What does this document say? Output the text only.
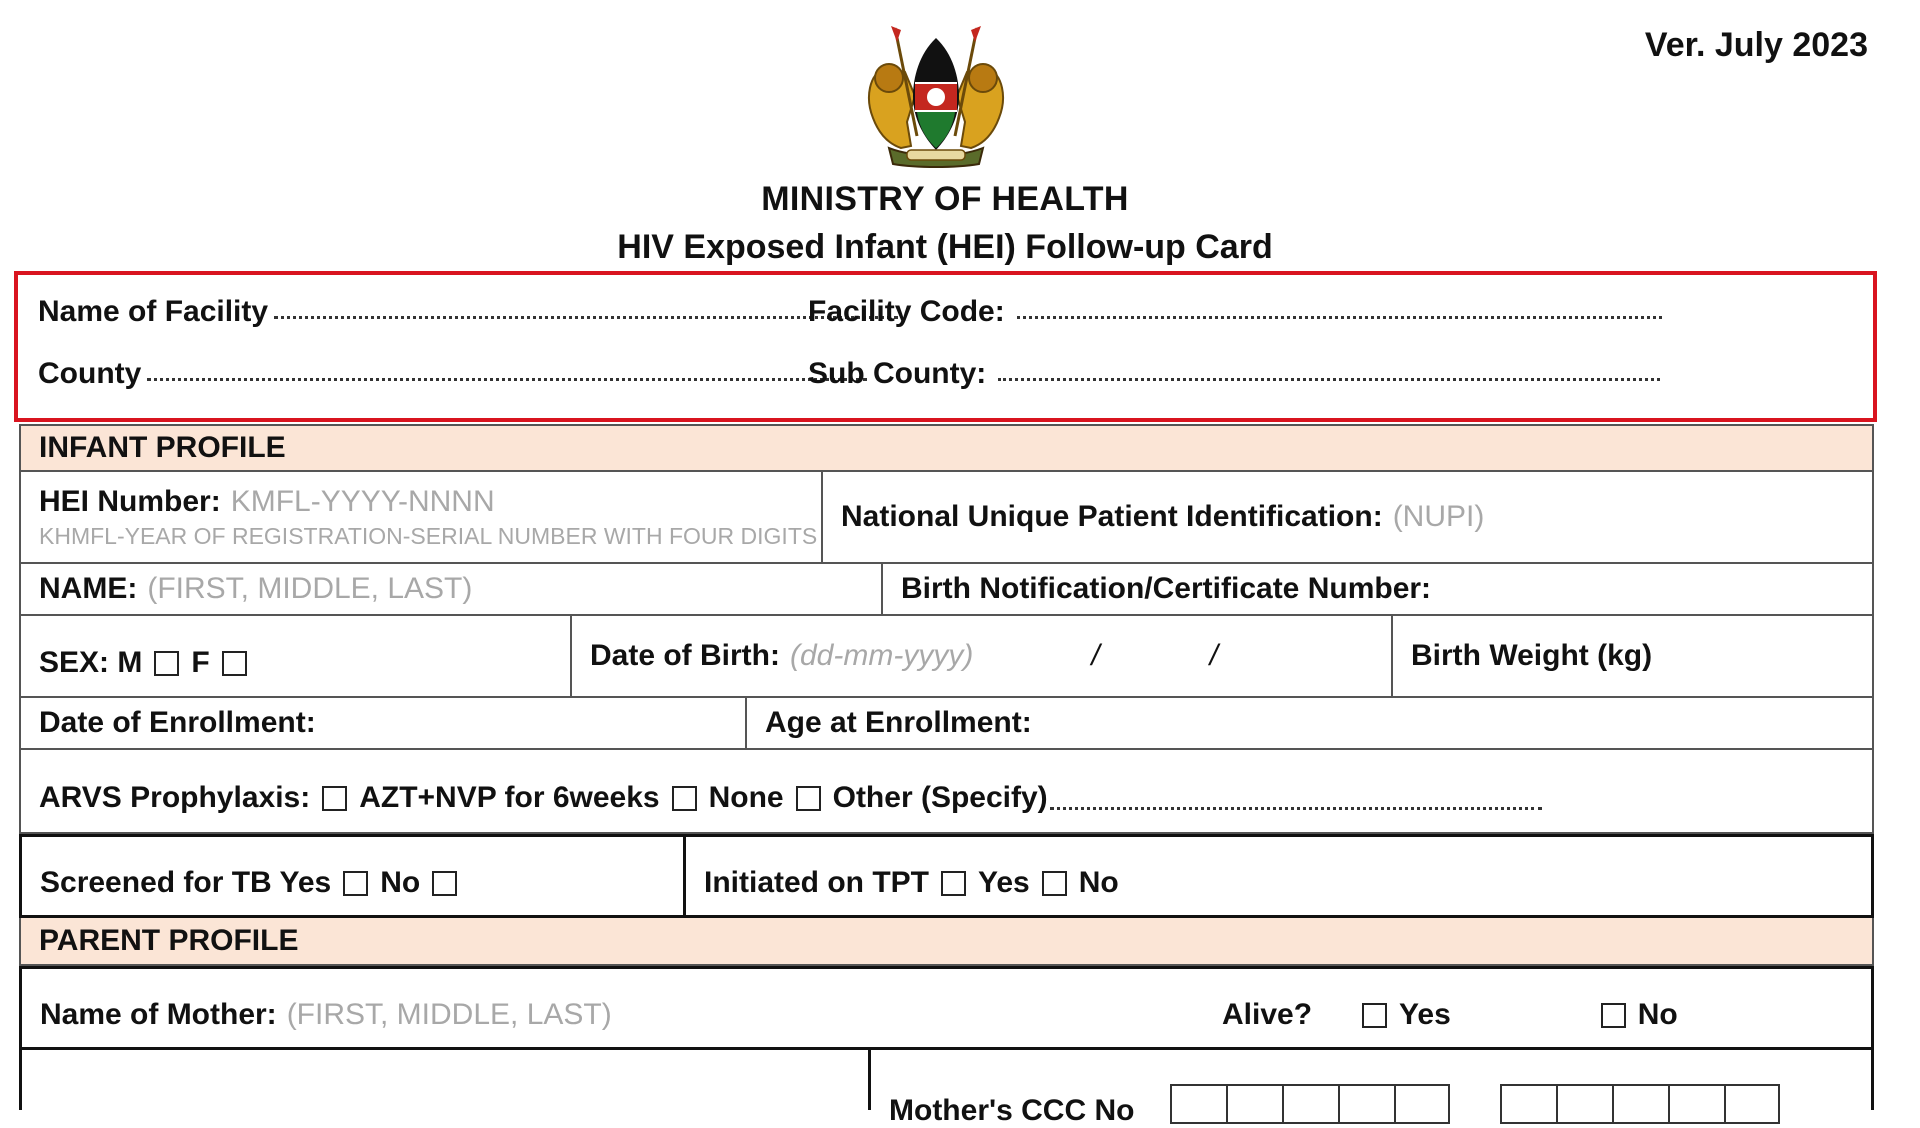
Ver. July 2023
MINISTRY OF HEALTH
HIV Exposed Infant (HEI) Follow-up Card
Name of Facility	Facility Code:
County	Sub County:
INFANT PROFILE
HEI Number: KMFL-YYYY-NNNN
KHMFL-YEAR OF REGISTRATION-SERIAL NUMBER WITH FOUR DIGITS
National Unique Patient Identification: (NUPI)
NAME: (FIRST, MIDDLE, LAST)	Birth Notification/Certificate Number:
SEX: M F	Date of Birth: (dd-mm-yyyy)	/	/	Birth Weight (kg)
Date of Enrollment:	Age at Enrollment:
ARVS Prophylaxis: AZT+NVP for 6weeks None Other (Specify)
Screened for TB Yes No	Initiated on TPT Yes No
PARENT PROFILE
Name of Mother: (FIRST, MIDDLE, LAST)	Alive?	Yes	No
Mother's CCC No
